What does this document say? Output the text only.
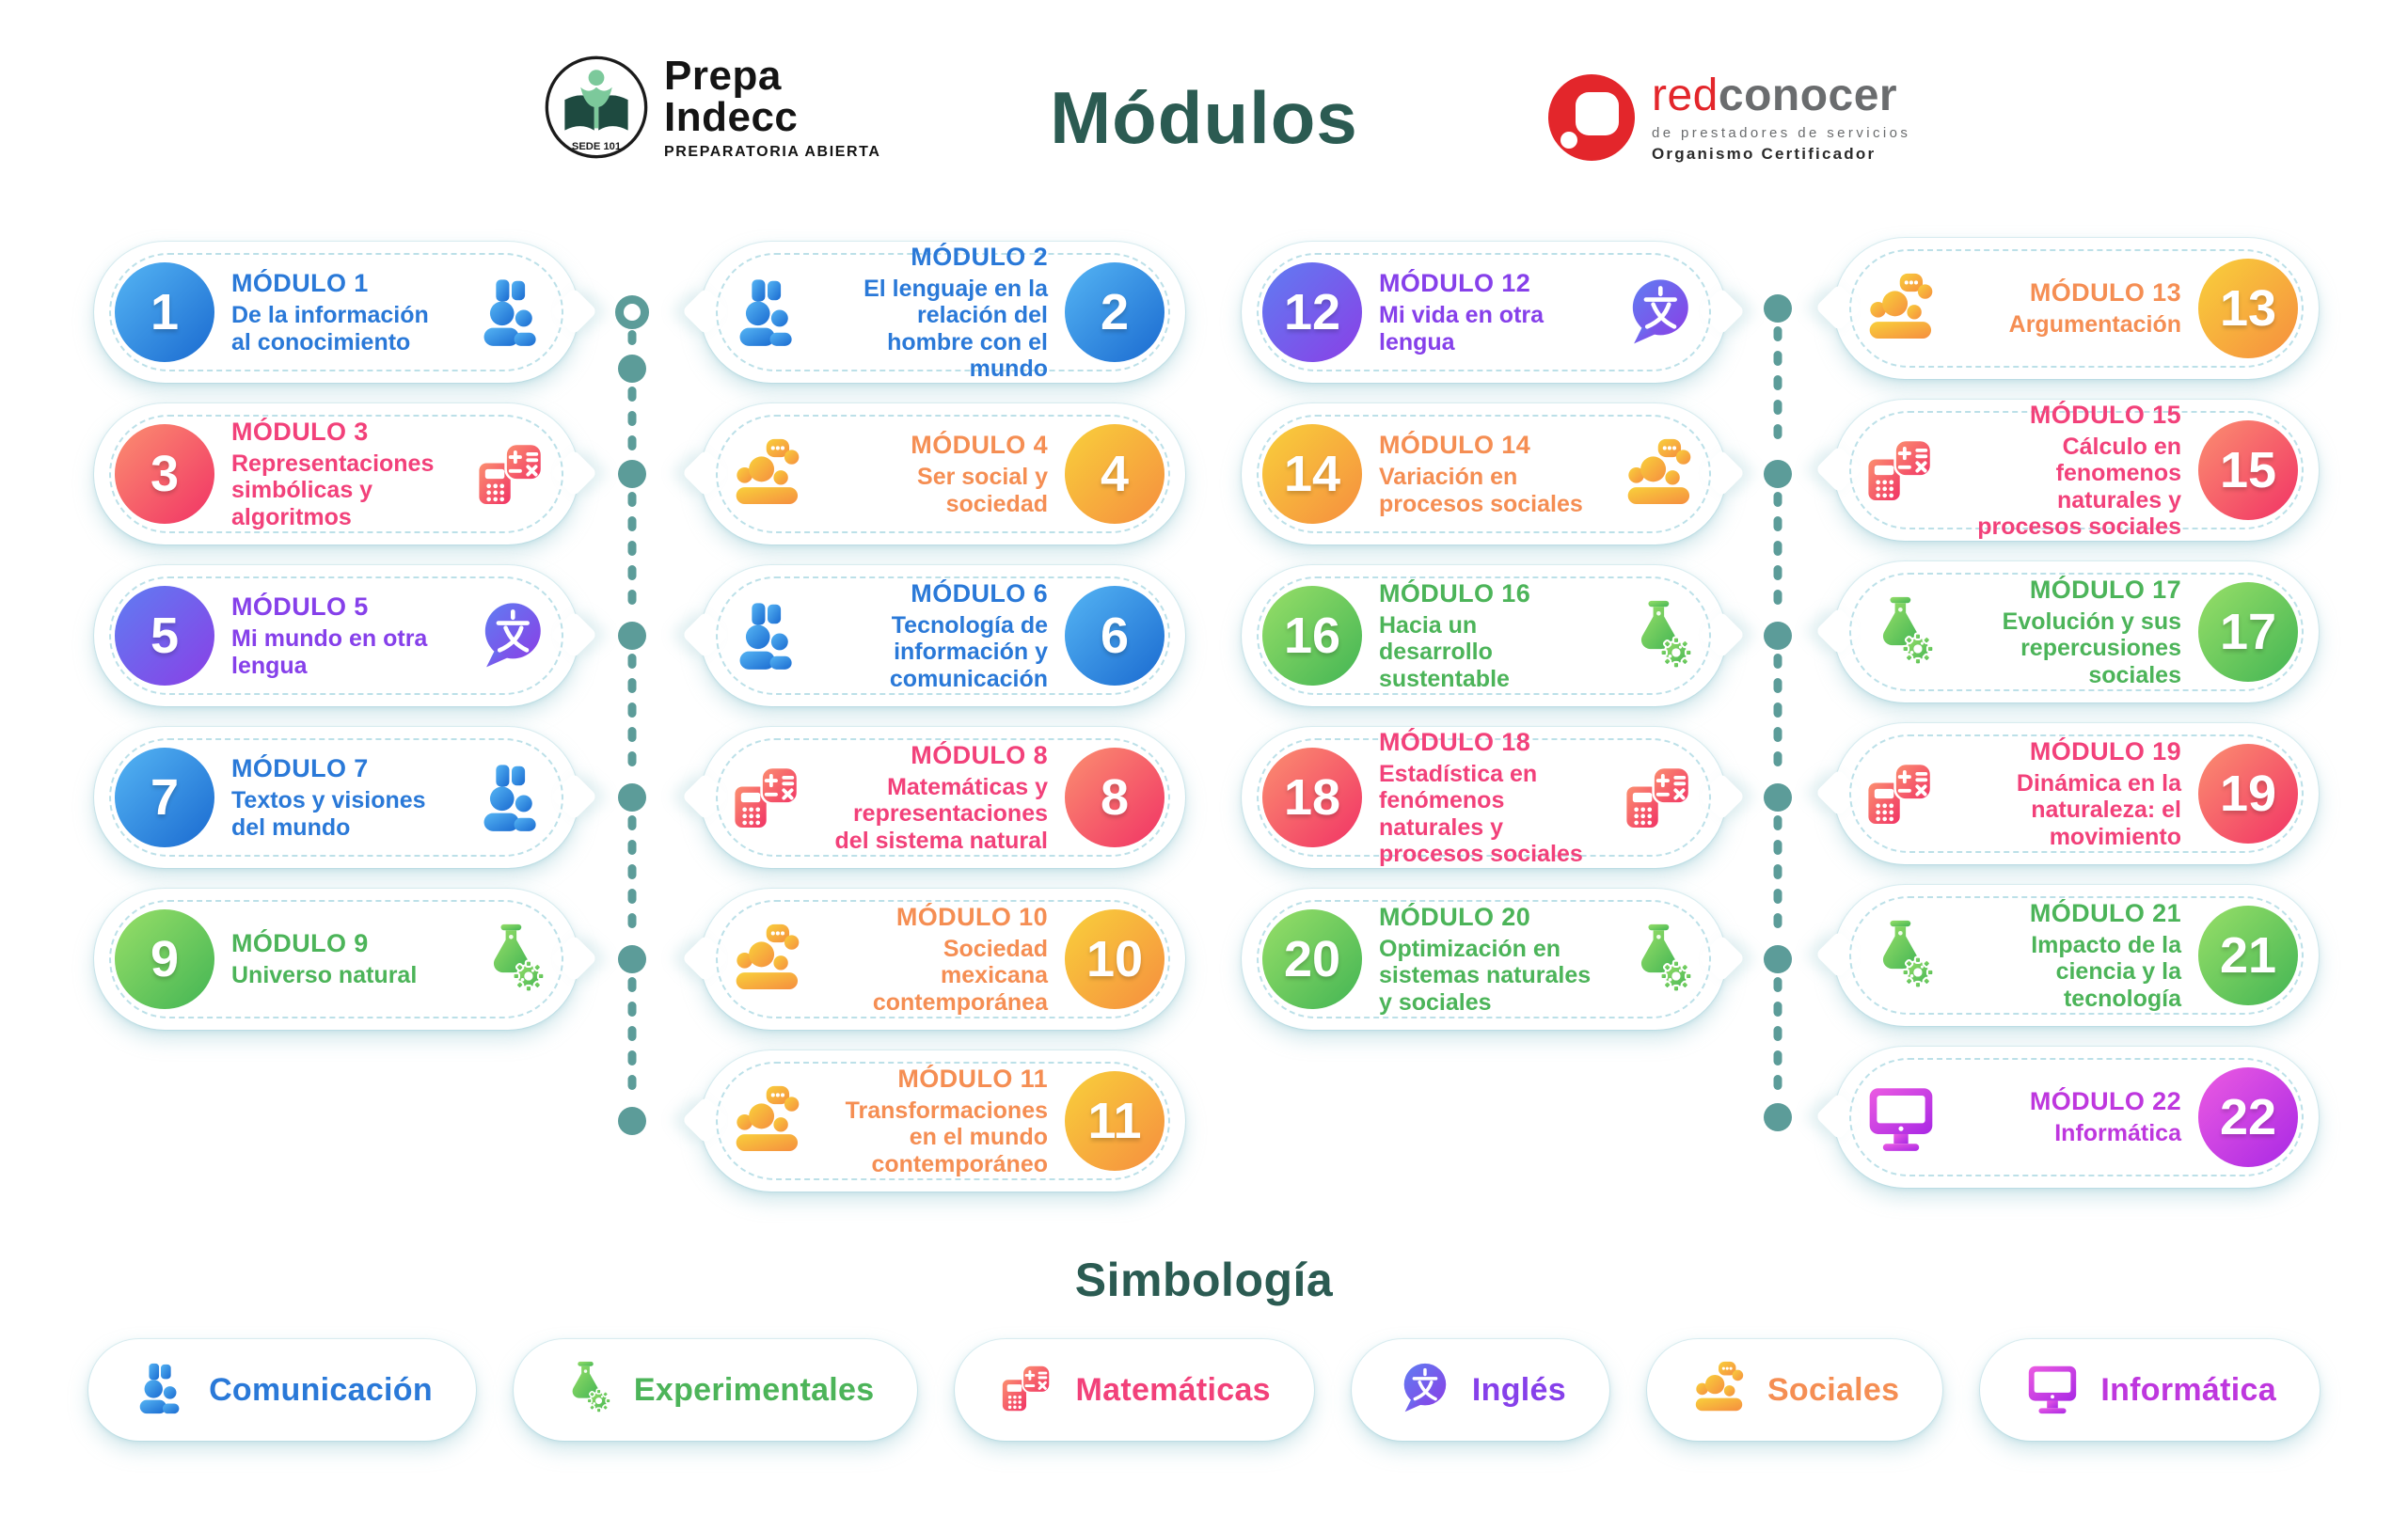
SEDE 101
Prepa
Indecc
PREPARATORIA ABIERTA	Módulos	redconocer
de prestadores de servicios
Organismo Certificador
1
MÓDULO 1

De la información al conocimiento

3
MÓDULO 3

Representaciones simbólicas y algoritmos

5
MÓDULO 5

Mi mundo en otra lengua

7
MÓDULO 7

Textos y visiones del mundo

9	MÓDULO 9

Universo natural

MÓDULO 2

El lenguaje en la relación del hombre con el mundo

2
MÓDULO 4

Ser social y sociedad

4
MÓDULO 6

Tecnología de información y comunicación

6
MÓDULO 8

Matemáticas y representaciones del sistema natural

8
MÓDULO 10

Sociedad mexicana contemporánea

10
MÓDULO 11

Transformaciones en el mundo contemporáneo

11
12
MÓDULO 12

Mi vida en otra lengua

14
MÓDULO 14

Variación en procesos sociales

16
MÓDULO 16

Hacia un desarrollo sustentable

18
MÓDULO 18

Estadística en fenómenos naturales y procesos sociales

20
MÓDULO 20

Optimización en sistemas naturales y sociales

MÓDULO 13

Argumentación 13
MÓDULO 15

Cálculo en fenomenos naturales y procesos sociales

15
MÓDULO 17

Evolución y sus repercusiones sociales

17
MÓDULO 19

Dinámica en la naturaleza: el movimiento

19
MÓDULO 21

Impacto de la ciencia y la tecnología

21
MÓDULO 22

Informática 22
Simbología
Comunicación	Experimentales	Matemáticas	Inglés	Sociales	Informática
